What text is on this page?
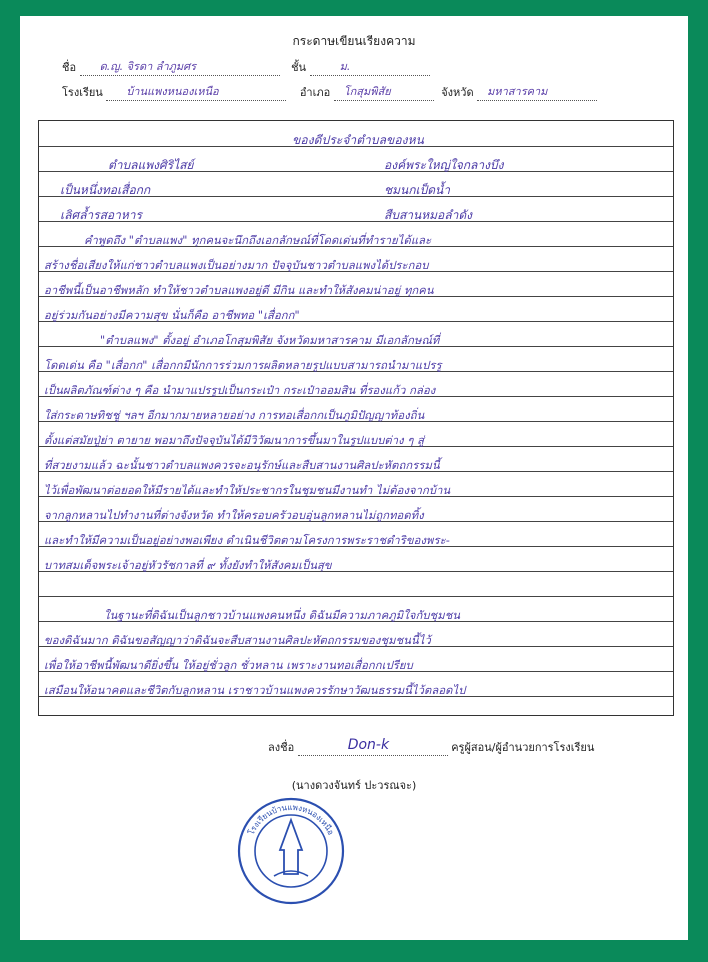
กระดาษเขียนเรียงความ
ชื่อ ด.ญ. จิรดา ลำภูมศร	ชั้น	ม.
โรงเรียน บ้านแพงหนองเหนือ	อำเภอ โกสุมพิสัย	จังหวัด มหาสารคาม
ของดีประจำตำบลของหน
ตำบลแพงศิริไสย์	องค์พระใหญ่ใจกลางบึง
เป็นหนึ่งทอเสื่อกก	ชมนกเป็ดน้ำ
เลิศล้ำรสอาหาร	สืบสานหมอลำดัง
คำพูดถึง "ตำบลแพง" ทุกคนจะนึกถึงเอกลักษณ์ที่โดดเด่นที่ทำรายได้และ
สร้างชื่อเสียงให้แก่ชาวตำบลแพงเป็นอย่างมาก ปัจจุบันชาวตำบลแพงได้ประกอบ
อาชีพนี้เป็นอาชีพหลัก ทำให้ชาวตำบลแพงอยู่ดี มีกิน และทำให้สังคมน่าอยู่ ทุกคน
อยู่ร่วมกันอย่างมีความสุข นั่นก็คือ อาชีพทอ "เสื่อกก"
"ตำบลแพง" ตั้งอยู่ อำเภอโกสุมพิสัย จังหวัดมหาสารคาม มีเอกลักษณ์ที่
โดดเด่น คือ "เสื่อกก" เสื่อกกมีนักการร่วมการผลิตหลายรูปแบบสามารถนำมาแปรรู
เป็นผลิตภัณฑ์ต่าง ๆ คือ นำมาแปรรูปเป็นกระเป๋า กระเป๋าออมสิน ที่รองแก้ว กล่อง
ใส่กระดาษทิชชู่ ฯลฯ อีกมากมายหลายอย่าง การทอเสื่อกกเป็นภูมิปัญญาท้องถิ่น
ตั้งแต่สมัยปู่ย่า ตายาย พอมาถึงปัจจุบันได้มีวิวัฒนาการขึ้นมาในรูปแบบต่าง ๆ สู่
ที่สวยงามแล้ว ฉะนั้นชาวตำบลแพงควรจะอนุรักษ์และสืบสานงานศิลปะหัตถกรรมนี้
ไว้เพื่อพัฒนาต่อยอดให้มีรายได้และทำให้ประชากรในชุมชนมีงานทำ ไม่ต้องจากบ้าน
จากลูกหลานไปทำงานที่ต่างจังหวัด ทำให้ครอบครัวอบอุ่นลูกหลานไม่ถูกทอดทิ้ง
และทำให้มีความเป็นอยู่อย่างพอเพียง ดำเนินชีวิตตามโครงการพระราชดำริของพระ-
บาทสมเด็จพระเจ้าอยู่หัวรัชกาลที่ ๙ ทั้งยังทำให้สังคมเป็นสุข
ในฐานะที่ดิฉันเป็นลูกชาวบ้านแพงคนหนึ่ง ดิฉันมีความภาคภูมิใจกับชุมชน
ของดิฉันมาก ดิฉันขอสัญญาว่าดิฉันจะสืบสานงานศิลปะหัตถกรรมของชุมชนนี้ไว้
เพื่อให้อาชีพนี้พัฒนาดียิ่งขึ้น ให้อยู่ชั่วลูก ชั่วหลาน เพราะงานทอเสื่อกกเปรียบ
เสมือนให้อนาคตและชีวิตกับลูกหลาน เราชาวบ้านแพงควรรักษาวัฒนธรรมนี้ไว้ตลอดไป
ลงชื่อ	Don-k	ครูผู้สอน/ผู้อำนวยการโรงเรียน
(นางดวงจันทร์ ปะวรณจะ)
โรงเรียนบ้านแพงหนองเหนือ
